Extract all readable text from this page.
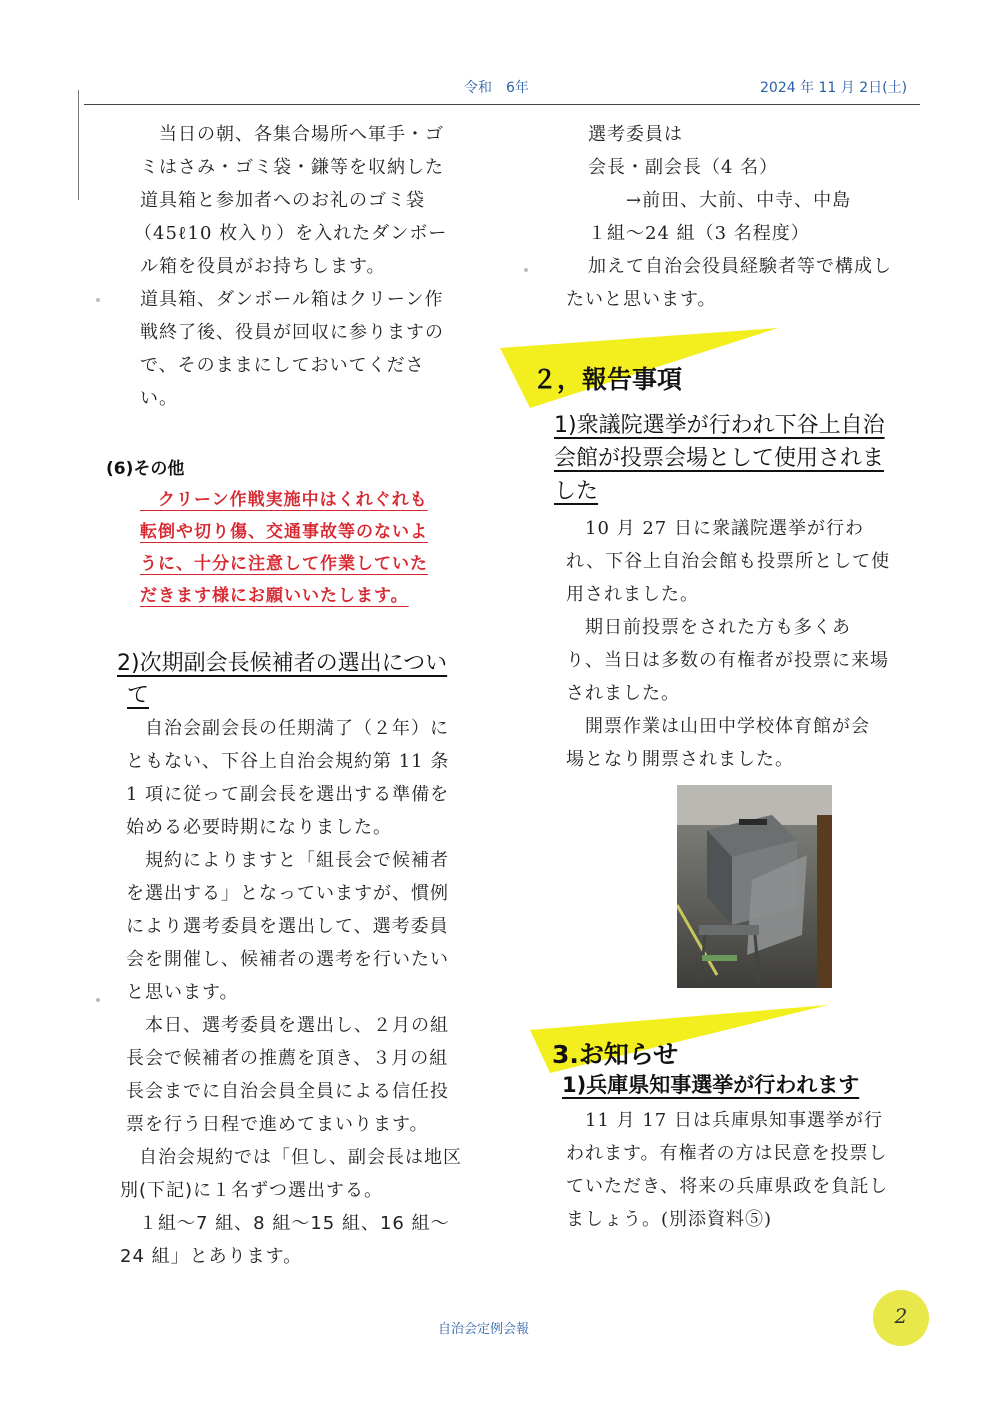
令和　6年	2024 年 11 月 2日(土)
　当日の朝、各集合場所へ軍手・ゴ
ミはさみ・ゴミ袋・鎌等を収納した
道具箱と参加者へのお礼のゴミ袋
（45ℓ10 枚入り）を入れたダンボー
ル箱を役員がお持ちします。
道具箱、ダンボール箱はクリーン作
戦終了後、役員が回収に参りますの
で、そのままにしておいてくださ
い。
(6)その他
　クリーン作戦実施中はくれぐれも
転倒や切り傷、交通事故等のないよ
うに、十分に注意して作業していた
だきます様にお願いいたします。
2)次期副会長候補者の選出につい
て
　自治会副会長の任期満了（２年）に
ともない、下谷上自治会規約第 11 条
1 項に従って副会長を選出する準備を
始める必要時期になりました。
　規約によりますと「組長会で候補者
を選出する」となっていますが、慣例
により選考委員を選出して、選考委員
会を開催し、候補者の選考を行いたい
と思います。
　本日、選考委員を選出し、２月の組
長会で候補者の推薦を頂き、３月の組
長会までに自治会員全員による信任投
票を行う日程で進めてまいります。
　自治会規約では「但し、副会長は地区
別(下記)に１名ずつ選出する。
　１組～7 組、8 組～15 組、16 組～
24 組」とあります。
選考委員は
会長・副会長（4 名）
　　→前田、大前、中寺、中島
１組～24 組（3 名程度）
加えて自治会役員経験者等で構成し
たいと思います。
２，報告事項
1)衆議院選挙が行われ下谷上自治
会館が投票会場として使用されま
した
　10 月 27 日に衆議院選挙が行わ
れ、下谷上自治会館も投票所として使
用されました。
　期日前投票をされた方も多くあ
り、当日は多数の有権者が投票に来場
されました。
　開票作業は山田中学校体育館が会
場となり開票されました。
3.お知らせ
1)兵庫県知事選挙が行われます
　11 月 17 日は兵庫県知事選挙が行
われます。有権者の方は民意を投票し
ていただき、将来の兵庫県政を負託し
ましょう。(別添資料⑤)
自治会定例会報
2
